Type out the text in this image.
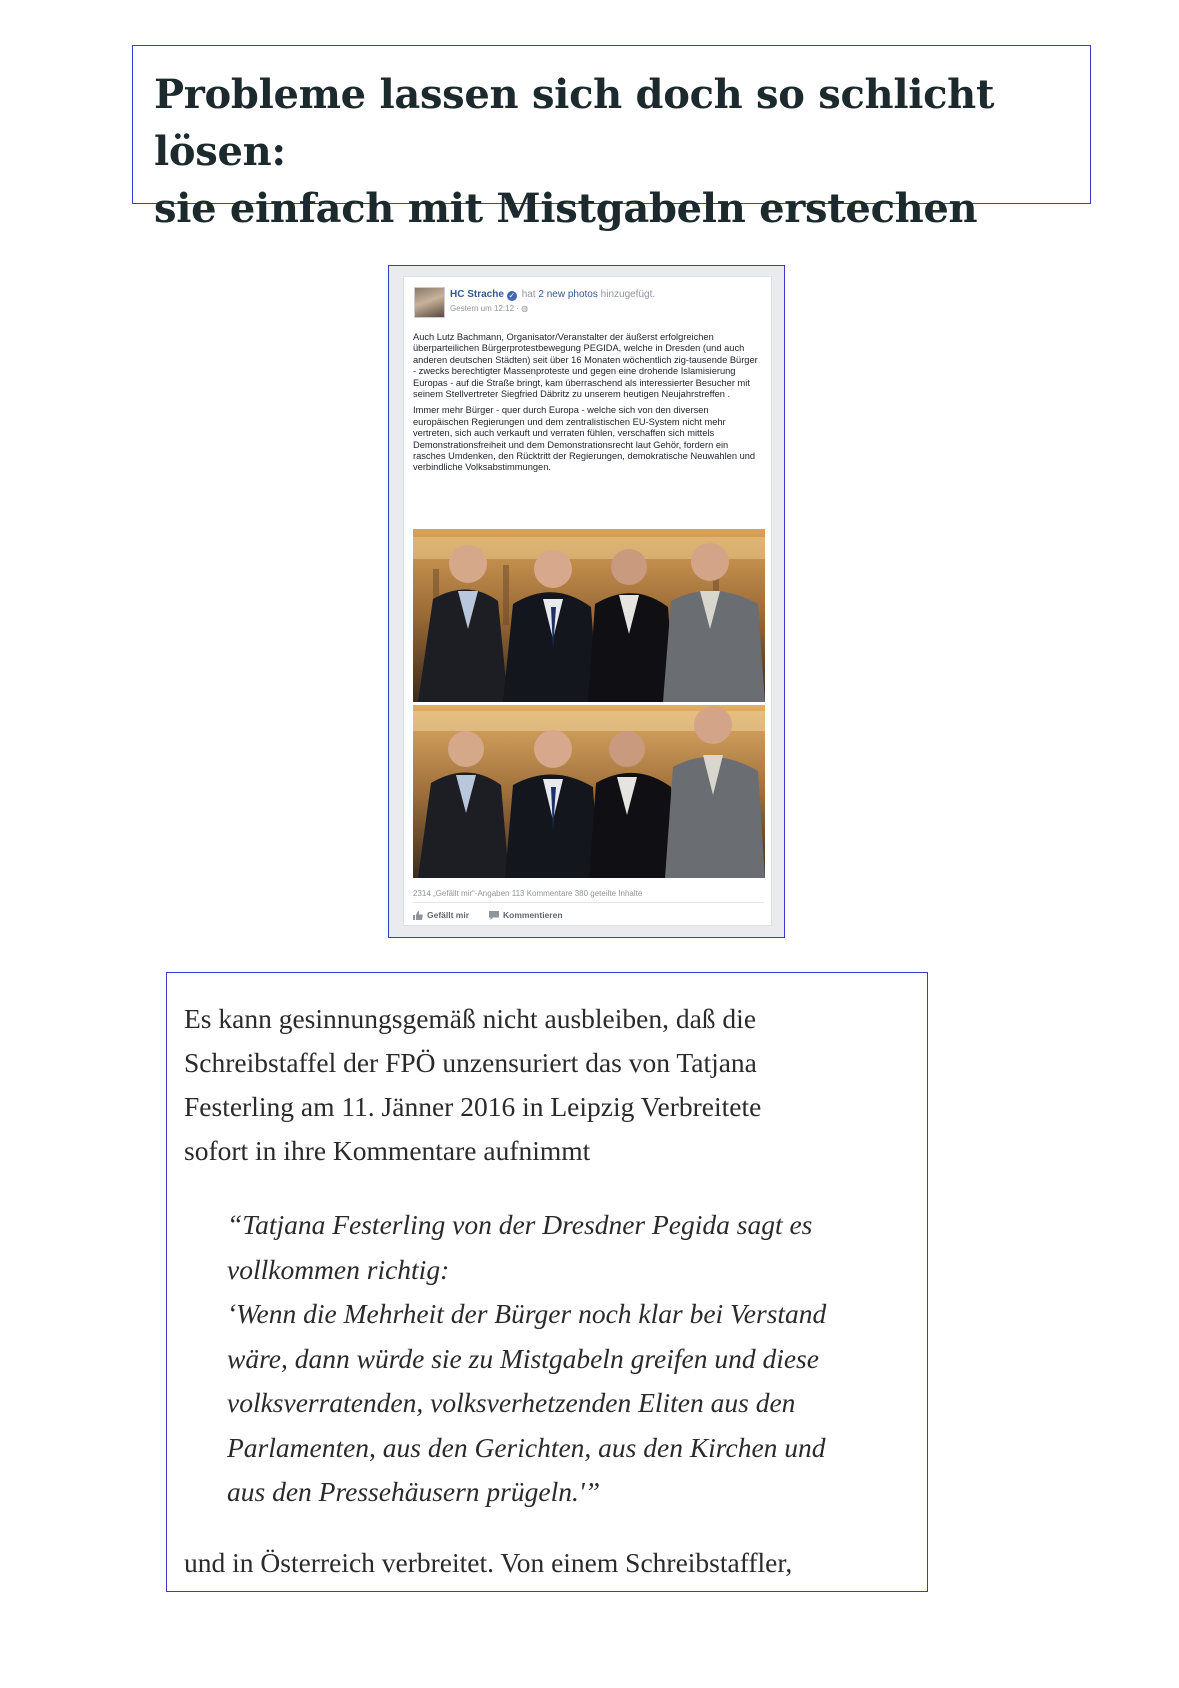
Probleme lassen sich doch so schlicht lösen:
sie einfach mit Mistgabeln erstechen
HC Strache ✓ hat 2 new photos hinzugefügt.
Gestern um 12:12 · ◍

Auch Lutz Bachmann, Organisator/Veranstalter der äußerst erfolgreichen überparteilichen Bürgerprotestbewegung PEGIDA, welche in Dresden (und auch anderen deutschen Städten) seit über 16 Monaten wöchentlich zig-tausende Bürger - zwecks berechtigter Massenproteste und gegen eine drohende Islamisierung Europas - auf die Straße bringt, kam überraschend als interessierter Besucher mit seinem Stellvertreter Siegfried Däbritz zu unserem heutigen Neujahrstreffen .

Immer mehr Bürger - quer durch Europa - welche sich von den diversen europäischen Regierungen und dem zentralistischen EU-System nicht mehr vertreten, sich auch verkauft und verraten fühlen, verschaffen sich mittels Demonstrationsfreiheit und dem Demonstrationsrecht laut Gehör, fordern ein rasches Umdenken, den Rücktritt der Regierungen, demokratische Neuwahlen und verbindliche Volksabstimmungen.

2314 „Gefällt mir“-Angaben 113 Kommentare 380 geteilte Inhalte
Gefällt mir	Kommentieren
Es kann gesinnungsgemäß nicht ausbleiben, daß die
Schreibstaffel der FPÖ unzensuriert das von Tatjana
Festerling am 11. Jänner 2016 in Leipzig Verbreitete
sofort in ihre Kommentare aufnimmt
“Tatjana Festerling von der Dresdner Pegida sagt es
vollkommen richtig:
‘Wenn die Mehrheit der Bürger noch klar bei Verstand
wäre, dann würde sie zu Mistgabeln greifen und diese
volksverratenden, volksverhetzenden Eliten aus den
Parlamenten, aus den Gerichten, aus den Kirchen und
aus den Pressehäusern prügeln.'”
und in Österreich verbreitet. Von einem Schreibstaffler,
